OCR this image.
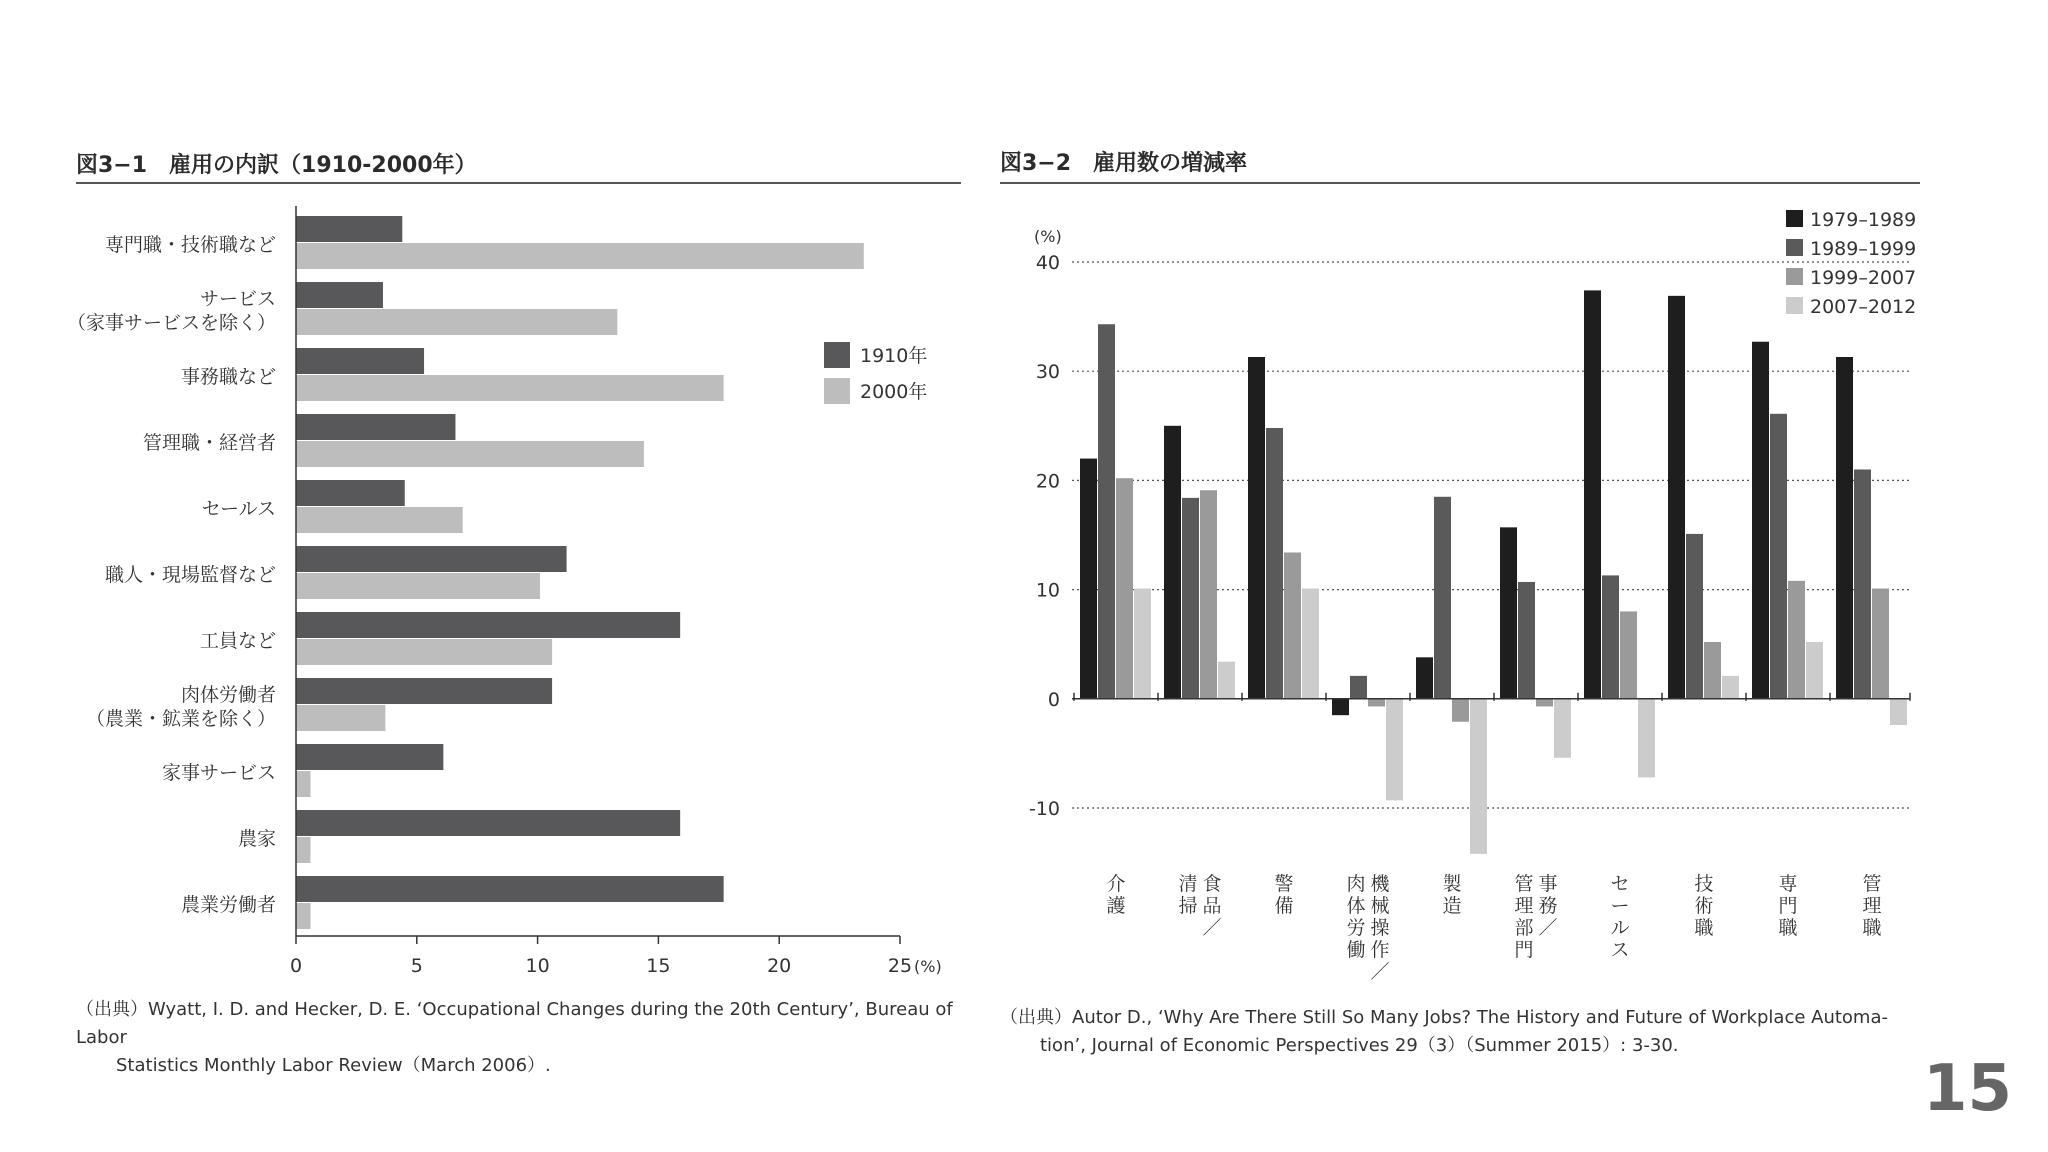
図3−1　雇用の内訳（1910-2000年）
専門職・技術職など
サービス（家事サービスを除く）
事務職など
管理職・経営者
セールス
職人・現場監督など
工員など
肉体労働者（農業・鉱業を除く）
家事サービス
農家
農業労働者
0	5	10	15	20	25 (%)
1910年
2000年
（出典）Wyatt, I. D. and Hecker, D. E. ‘Occupational Changes during the 20th Century’, Bureau of Labor
Statistics Monthly Labor Review（March 2006）.
図3−2　雇用数の増減率
-10
0
10
20
30
40
(%)
1979–1989
1989–1999
1999–2007
2007–2012
介
護
食
品
／
清
掃
警
備
機
械
操
作
／
肉
体
労
働
製
造
事
務
／
管
理
部
門
セ
ー
ル
ス
技
術
職
専
門
職
管
理
職
（出典）Autor D., ‘Why Are There Still So Many Jobs? The History and Future of Workplace Automa-
tion’, Journal of Economic Perspectives 29（3）（Summer 2015）: 3-30.
15
